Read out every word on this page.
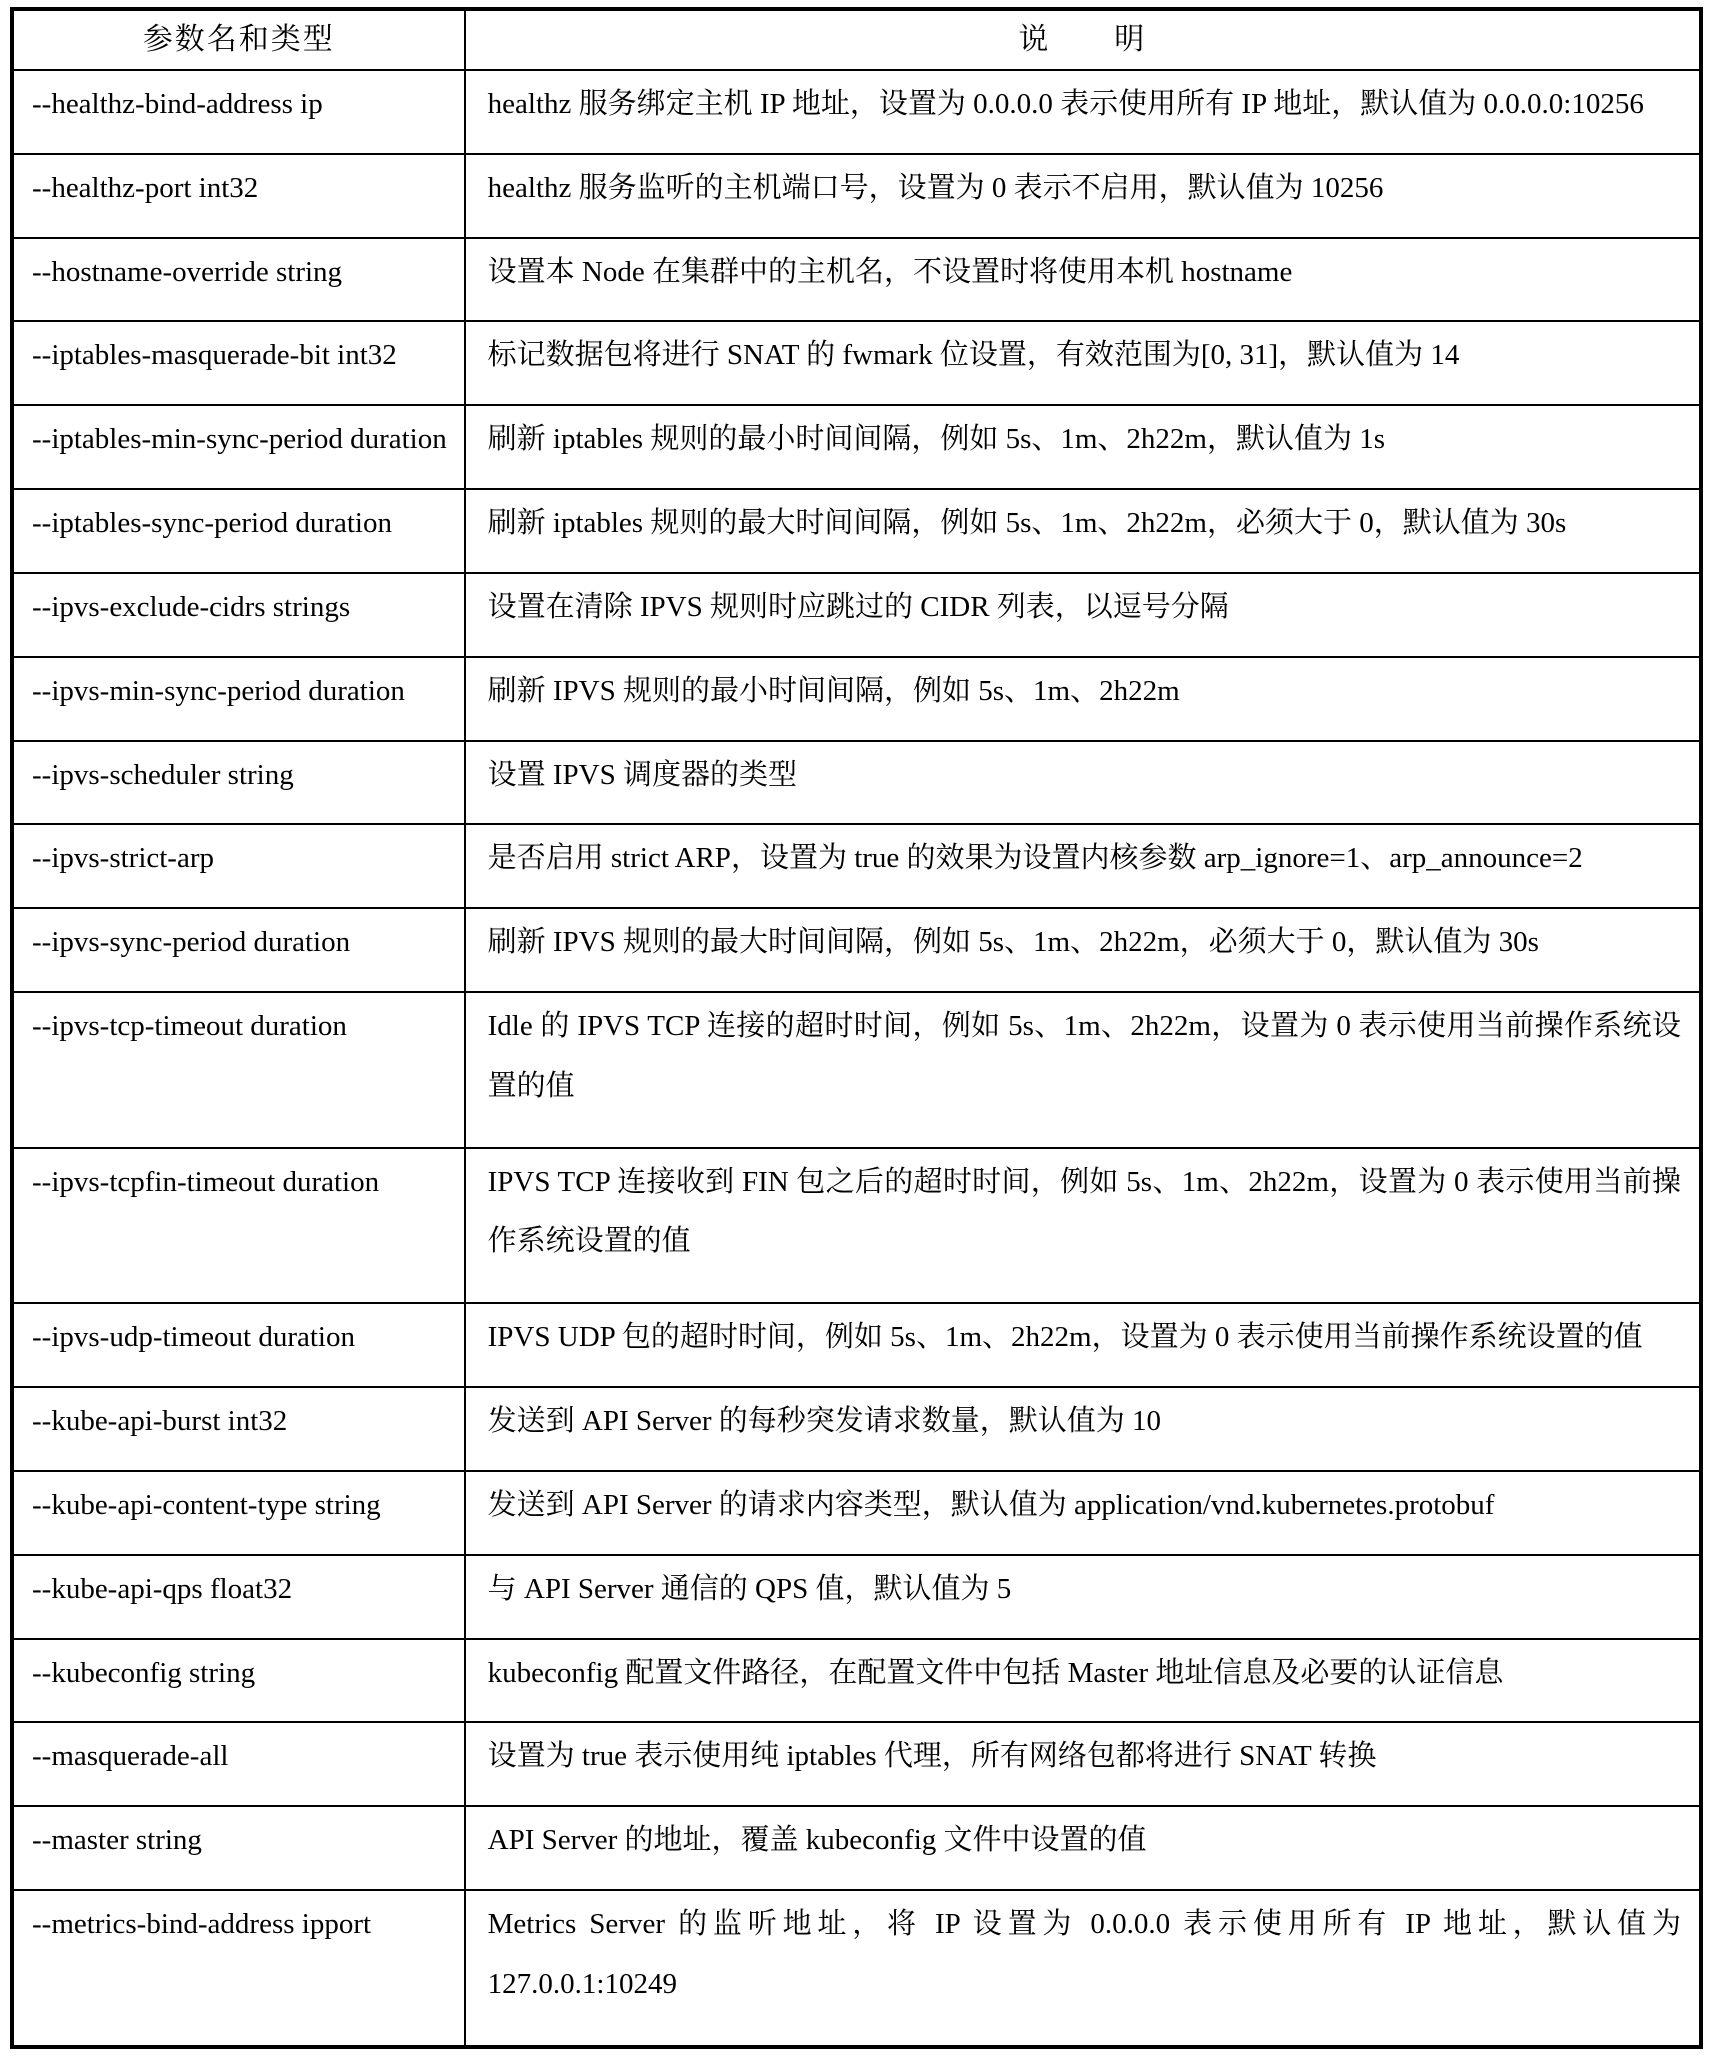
参数名和类型	说　　明
--healthz-bind-address ip	healthz 服务绑定主机 IP 地址，设置为 0.0.0.0 表示使用所有 IP 地址，默认值为 0.0.0.0:10256
--healthz-port int32	healthz 服务监听的主机端口号，设置为 0 表示不启用，默认值为 10256
--hostname-override string	设置本 Node 在集群中的主机名，不设置时将使用本机 hostname
--iptables-masquerade-bit int32	标记数据包将进行 SNAT 的 fwmark 位设置，有效范围为[0, 31]，默认值为 14
--iptables-min-sync-period duration	刷新 iptables 规则的最小时间间隔，例如 5s、1m、2h22m，默认值为 1s
--iptables-sync-period duration	刷新 iptables 规则的最大时间间隔，例如 5s、1m、2h22m，必须大于 0，默认值为 30s
--ipvs-exclude-cidrs strings	设置在清除 IPVS 规则时应跳过的 CIDR 列表，以逗号分隔
--ipvs-min-sync-period duration	刷新 IPVS 规则的最小时间间隔，例如 5s、1m、2h22m
--ipvs-scheduler string	设置 IPVS 调度器的类型
--ipvs-strict-arp	是否启用 strict ARP，设置为 true 的效果为设置内核参数 arp_ignore=1、arp_announce=2
--ipvs-sync-period duration	刷新 IPVS 规则的最大时间间隔，例如 5s、1m、2h22m，必须大于 0，默认值为 30s
--ipvs-tcp-timeout duration	Idle 的 IPVS TCP 连接的超时时间，例如 5s、1m、2h22m，设置为 0 表示使用当前操作系统设置的值
--ipvs-tcpfin-timeout duration	IPVS TCP 连接收到 FIN 包之后的超时时间，例如 5s、1m、2h22m，设置为 0 表示使用当前操作系统设置的值
--ipvs-udp-timeout duration	IPVS UDP 包的超时时间，例如 5s、1m、2h22m，设置为 0 表示使用当前操作系统设置的值
--kube-api-burst int32	发送到 API Server 的每秒突发请求数量，默认值为 10
--kube-api-content-type string	发送到 API Server 的请求内容类型，默认值为 application/vnd.kubernetes.protobuf
--kube-api-qps float32	与 API Server 通信的 QPS 值，默认值为 5
--kubeconfig string	kubeconfig 配置文件路径，在配置文件中包括 Master 地址信息及必要的认证信息
--masquerade-all	设置为 true 表示使用纯 iptables 代理，所有网络包都将进行 SNAT 转换
--master string	API Server 的地址，覆盖 kubeconfig 文件中设置的值
--metrics-bind-address ipport	Metrics Server 的监听地址，将 IP 设置为 0.0.0.0 表示使用所有 IP 地址，默认值为 127.0.0.1:10249
